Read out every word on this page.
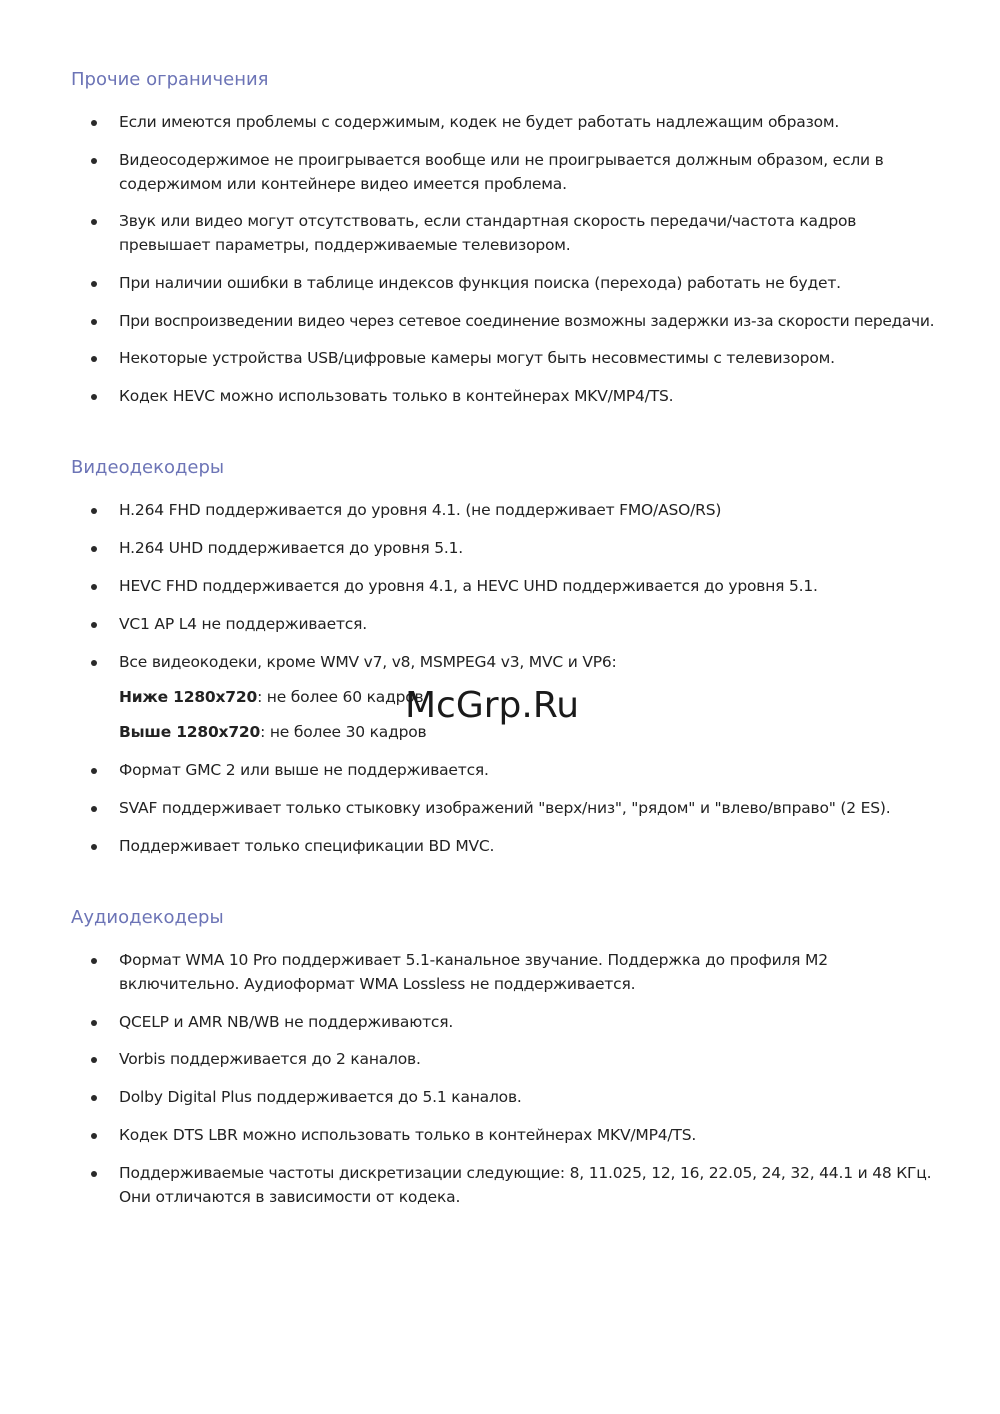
Прочие ограничения
Если имеются проблемы с содержимым, кодек не будет работать надлежащим образом.
Видеосодержимое не проигрывается вообще или не проигрывается должным образом, если в содержимом или контейнере видео имеется проблема.
Звук или видео могут отсутствовать, если стандартная скорость передачи/частота кадров превышает параметры, поддерживаемые телевизором.
При наличии ошибки в таблице индексов функция поиска (перехода) работать не будет.
При воспроизведении видео через сетевое соединение возможны задержки из-за скорости передачи.
Некоторые устройства USB/цифровые камеры могут быть несовместимы с телевизором.
Кодек HEVC можно использовать только в контейнерах MKV/MP4/TS.
Видеодекодеры
H.264 FHD поддерживается до уровня 4.1. (не поддерживает FMO/ASO/RS)
H.264 UHD поддерживается до уровня 5.1.
HEVC FHD поддерживается до уровня 4.1, а HEVC UHD поддерживается до уровня 5.1.
VC1 AP L4 не поддерживается.
Все видеокодеки, кроме WMV v7, v8, MSMPEG4 v3, MVC и VP6:
Ниже 1280x720: не более 60 кадров
Выше 1280x720: не более 30 кадров
Формат GMC 2 или выше не поддерживается.
SVAF поддерживает только стыковку изображений "верх/низ", "рядом" и "влево/вправо" (2 ES).
Поддерживает только спецификации BD MVC.
Аудиодекодеры
Формат WMA 10 Pro поддерживает 5.1-канальное звучание. Поддержка до профиля M2 включительно. Аудиоформат WMA Lossless не поддерживается.
QCELP и AMR NB/WB не поддерживаются.
Vorbis поддерживается до 2 каналов.
Dolby Digital Plus поддерживается до 5.1 каналов.
Кодек DTS LBR можно использовать только в контейнерах MKV/MP4/TS.
Поддерживаемые частоты дискретизации следующие: 8, 11.025, 12, 16, 22.05, 24, 32, 44.1 и 48 КГц. Они отличаются в зависимости от кодека.
McGrp.Ru
